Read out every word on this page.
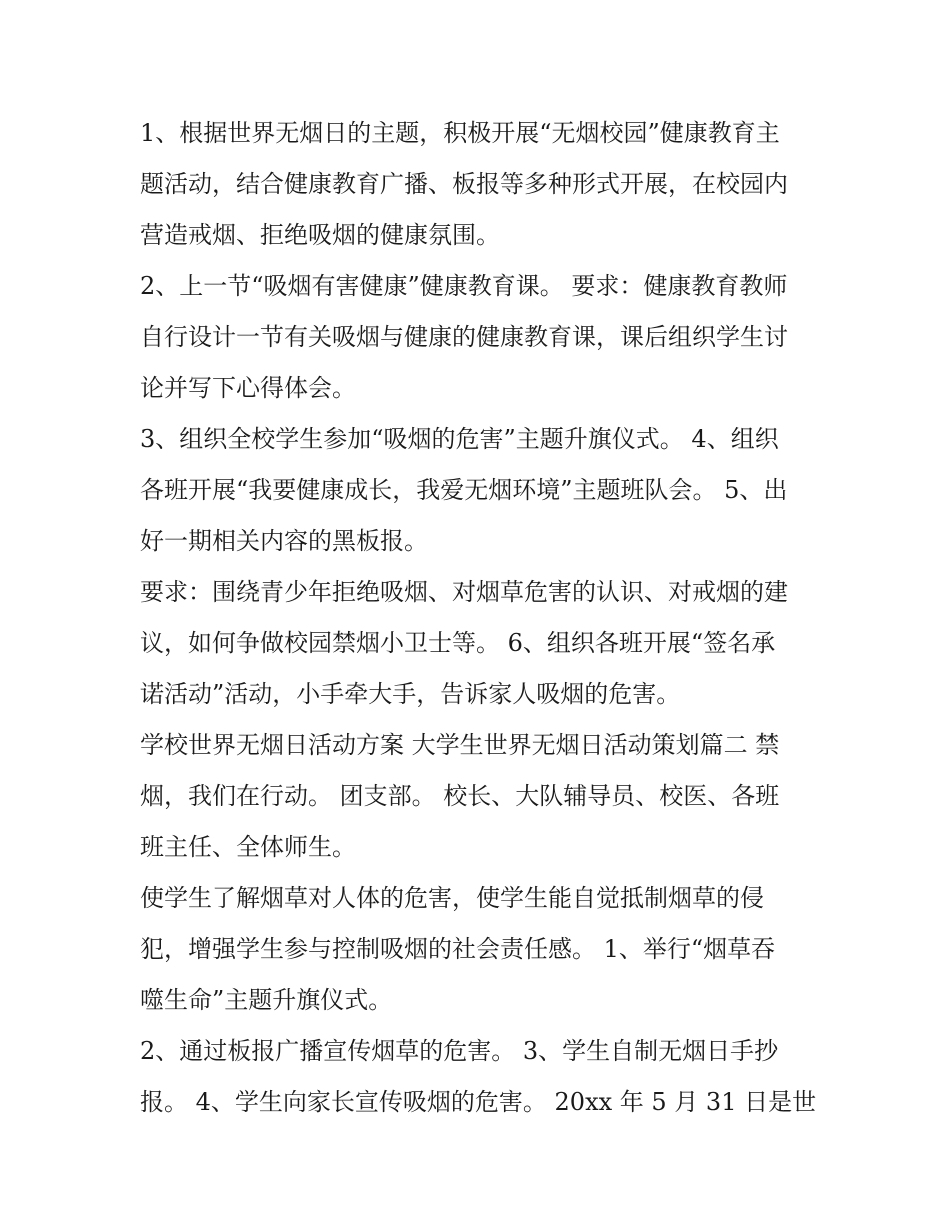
1、根据世界无烟日的主题，积极开展“无烟校园”健康教育主
题活动，结合健康教育广播、板报等多种形式开展，在校园内
营造戒烟、拒绝吸烟的健康氛围。

2、上一节“吸烟有害健康”健康教育课。 要求：健康教育教师
自行设计一节有关吸烟与健康的健康教育课，课后组织学生讨
论并写下心得体会。

3、组织全校学生参加“吸烟的危害”主题升旗仪式。 4、组织
各班开展“我要健康成长，我爱无烟环境”主题班队会。 5、出
好一期相关内容的黑板报。

要求：围绕青少年拒绝吸烟、对烟草危害的认识、对戒烟的建
议，如何争做校园禁烟小卫士等。 6、组织各班开展“签名承
诺活动”活动，小手牵大手，告诉家人吸烟的危害。

学校世界无烟日活动方案 大学生世界无烟日活动策划篇二 禁
烟，我们在行动。 团支部。 校长、大队辅导员、校医、各班
班主任、全体师生。

使学生了解烟草对人体的危害，使学生能自觉抵制烟草的侵
犯，增强学生参与控制吸烟的社会责任感。 1、举行“烟草吞
噬生命”主题升旗仪式。

2、通过板报广播宣传烟草的危害。 3、学生自制无烟日手抄
报。 4、学生向家长宣传吸烟的危害。 20xx 年 5 月 31 日是世
